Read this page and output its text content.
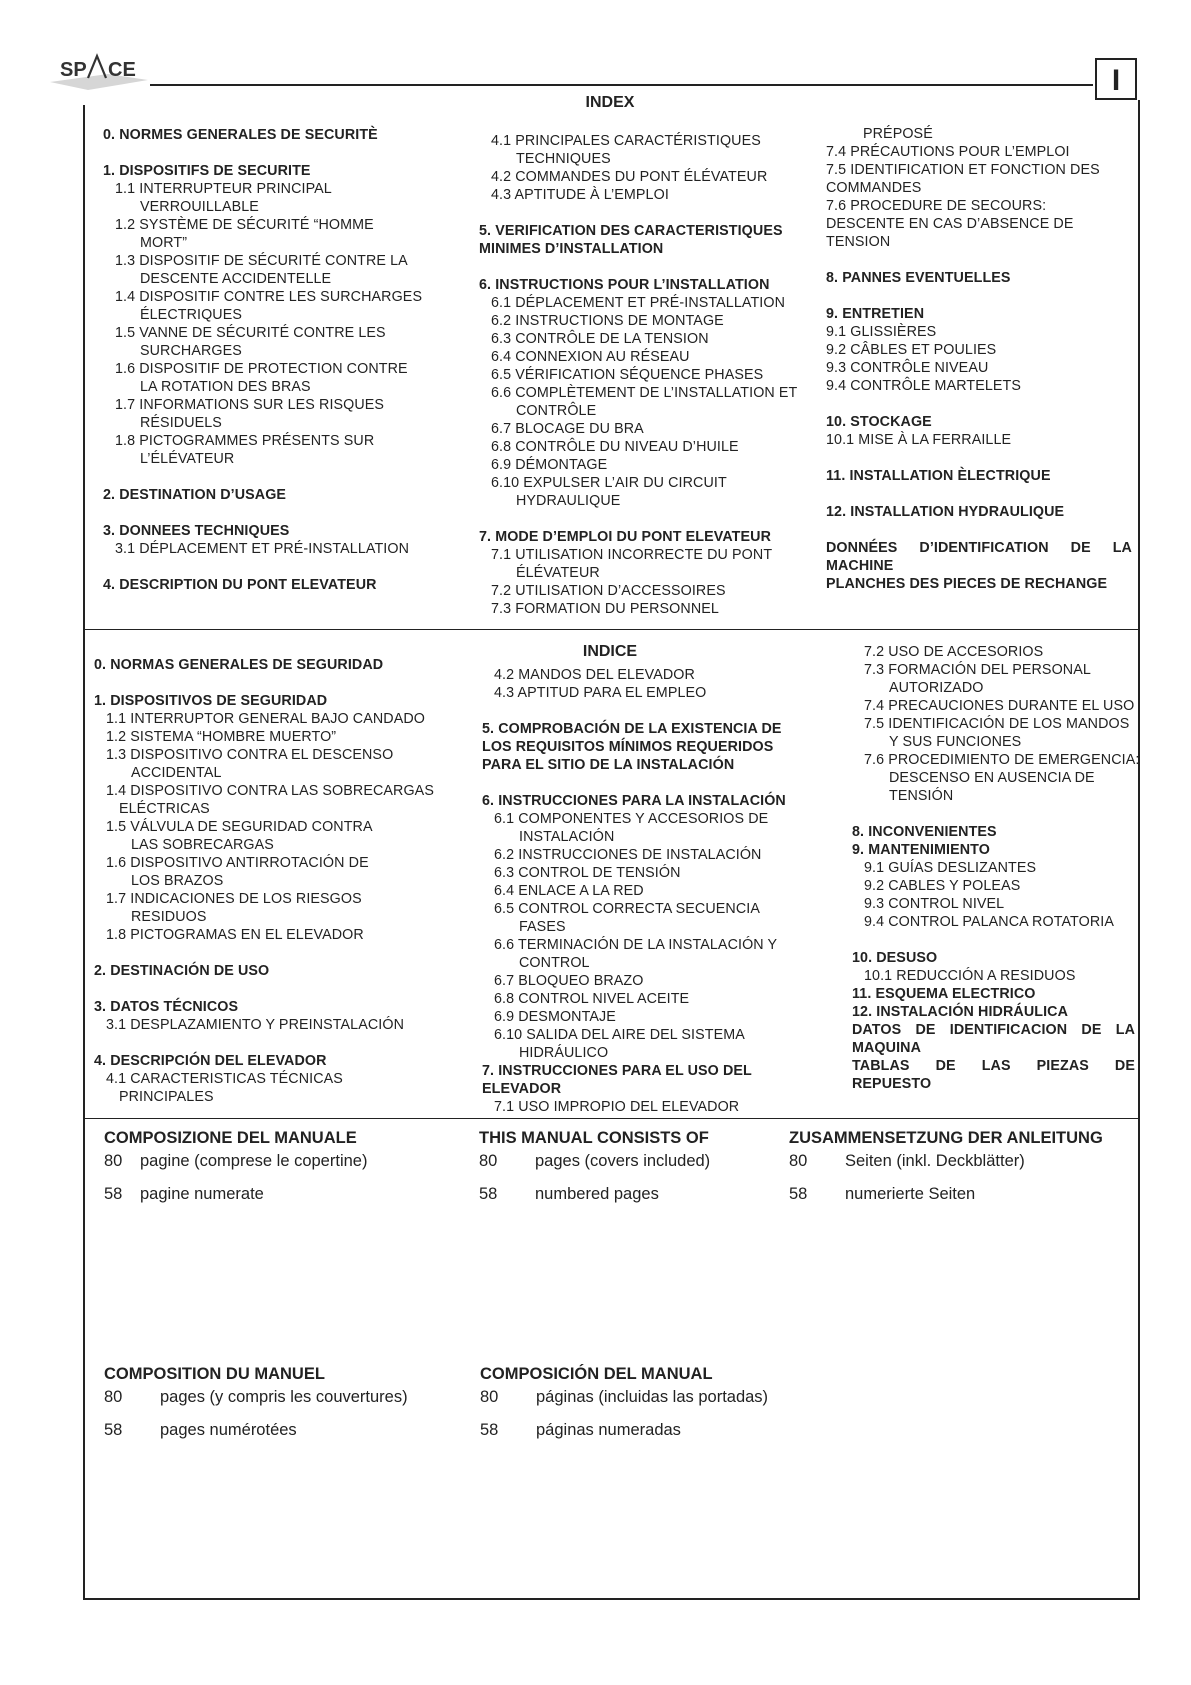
SP CE	I
INDEX
0. NORMES GENERALES DE SECURITÈ
1. DISPOSITIFS DE SECURITE
1.1 INTERRUPTEUR PRINCIPAL
VERROUILLABLE
1.2 SYSTÈME DE SÉCURITÉ “HOMME
MORT”
1.3 DISPOSITIF DE SÉCURITÉ CONTRE LA
DESCENTE ACCIDENTELLE
1.4 DISPOSITIF CONTRE LES SURCHARGES
ÉLECTRIQUES
1.5 VANNE DE SÉCURITÉ CONTRE LES
SURCHARGES
1.6 DISPOSITIF DE PROTECTION CONTRE
LA ROTATION DES BRAS
1.7 INFORMATIONS SUR LES RISQUES
RÉSIDUELS
1.8 PICTOGRAMMES PRÉSENTS SUR
L’ÉLÉVATEUR
2. DESTINATION D’USAGE
3. DONNEES TECHNIQUES
3.1 DÉPLACEMENT ET PRÉ-INSTALLATION
4. DESCRIPTION DU PONT ELEVATEUR
4.1 PRINCIPALES CARACTÉRISTIQUES
TECHNIQUES
4.2 COMMANDES DU PONT ÉLÉVATEUR
4.3 APTITUDE À L’EMPLOI
5. VERIFICATION DES CARACTERISTIQUES
MINIMES D’INSTALLATION
6. INSTRUCTIONS POUR L’INSTALLATION
6.1 DÉPLACEMENT ET PRÉ-INSTALLATION
6.2 INSTRUCTIONS DE MONTAGE
6.3 CONTRÔLE DE LA TENSION
6.4 CONNEXION AU RÉSEAU
6.5 VÉRIFICATION SÉQUENCE PHASES
6.6 COMPLÈTEMENT DE L’INSTALLATION ET
CONTRÔLE
6.7 BLOCAGE DU BRA
6.8 CONTRÔLE DU NIVEAU D’HUILE
6.9 DÉMONTAGE
6.10 EXPULSER L’AIR DU CIRCUIT
HYDRAULIQUE
7. MODE D’EMPLOI DU PONT ELEVATEUR
7.1 UTILISATION INCORRECTE DU PONT
ÉLÉVATEUR
7.2 UTILISATION D’ACCESSOIRES
7.3 FORMATION DU PERSONNEL
PRÉPOSÉ
7.4 PRÉCAUTIONS POUR L’EMPLOI
7.5 IDENTIFICATION ET FONCTION DES
COMMANDES
7.6 PROCEDURE DE SECOURS:
DESCENTE EN CAS D’ABSENCE DE
TENSION
8. PANNES EVENTUELLES
9. ENTRETIEN
9.1 GLISSIÈRES
9.2 CÂBLES ET POULIES
9.3 CONTRÔLE NIVEAU
9.4 CONTRÔLE MARTELETS
10. STOCKAGE
10.1 MISE À LA FERRAILLE
11. INSTALLATION ÈLECTRIQUE
12. INSTALLATION HYDRAULIQUE
DONNÉES D’IDENTIFICATION DE LA
MACHINE
PLANCHES DES PIECES DE RECHANGE
INDICE
0. NORMAS GENERALES DE SEGURIDAD
1. DISPOSITIVOS DE SEGURIDAD
1.1 INTERRUPTOR GENERAL BAJO CANDADO
1.2 SISTEMA “HOMBRE MUERTO”
1.3 DISPOSITIVO CONTRA EL DESCENSO
ACCIDENTAL
1.4 DISPOSITIVO CONTRA LAS SOBRECARGAS
ELÉCTRICAS
1.5 VÁLVULA DE SEGURIDAD CONTRA
LAS SOBRECARGAS
1.6 DISPOSITIVO ANTIRROTACIÓN DE
LOS BRAZOS
1.7 INDICACIONES DE LOS RIESGOS
RESIDUOS
1.8 PICTOGRAMAS EN EL ELEVADOR
2. DESTINACIÓN DE USO
3. DATOS TÉCNICOS
3.1 DESPLAZAMIENTO Y PREINSTALACIÓN
4. DESCRIPCIÓN DEL ELEVADOR
4.1 CARACTERISTICAS TÉCNICAS
PRINCIPALES
4.2 MANDOS DEL ELEVADOR
4.3 APTITUD PARA EL EMPLEO
5. COMPROBACIÓN DE LA EXISTENCIA DE
LOS REQUISITOS MÍNIMOS REQUERIDOS
PARA EL SITIO DE LA INSTALACIÓN
6. INSTRUCCIONES PARA LA INSTALACIÓN
6.1 COMPONENTES Y ACCESORIOS DE
INSTALACIÓN
6.2 INSTRUCCIONES DE INSTALACIÓN
6.3 CONTROL DE TENSIÓN
6.4 ENLACE A LA RED
6.5 CONTROL CORRECTA SECUENCIA
FASES
6.6 TERMINACIÓN DE LA INSTALACIÓN Y
CONTROL
6.7 BLOQUEO BRAZO
6.8 CONTROL NIVEL ACEITE
6.9 DESMONTAJE
6.10 SALIDA DEL AIRE DEL SISTEMA
HIDRÁULICO
7. INSTRUCCIONES PARA EL USO DEL
ELEVADOR
7.1 USO IMPROPIO DEL ELEVADOR
7.2 USO DE ACCESORIOS
7.3 FORMACIÓN DEL PERSONAL
AUTORIZADO
7.4 PRECAUCIONES DURANTE EL USO
7.5 IDENTIFICACIÓN DE LOS MANDOS
Y SUS FUNCIONES
7.6 PROCEDIMIENTO DE EMERGENCIA:
DESCENSO EN AUSENCIA DE
TENSIÓN
8. INCONVENIENTES
9. MANTENIMIENTO
9.1 GUÍAS DESLIZANTES
9.2 CABLES Y POLEAS
9.3 CONTROL NIVEL
9.4 CONTROL PALANCA ROTATORIA
10. DESUSO
10.1 REDUCCIÓN A RESIDUOS
11. ESQUEMA ELECTRICO
12. INSTALACIÓN HIDRÁULICA
DATOS DE IDENTIFICACION DE LA
MAQUINA
TABLAS DE LAS PIEZAS DE
REPUESTO
COMPOSIZIONE DEL MANUALE
80 pagine (comprese le copertine)
58 pagine numerate
THIS MANUAL CONSISTS OF
80 pages (covers included)
58 numbered pages
ZUSAMMENSETZUNG DER ANLEITUNG
80 Seiten (inkl. Deckblätter)
58 numerierte Seiten
COMPOSITION DU MANUEL
80 pages (y compris les couvertures)
58 pages numérotées
COMPOSICIÓN DEL MANUAL
80 páginas (incluidas las portadas)
58 páginas numeradas
